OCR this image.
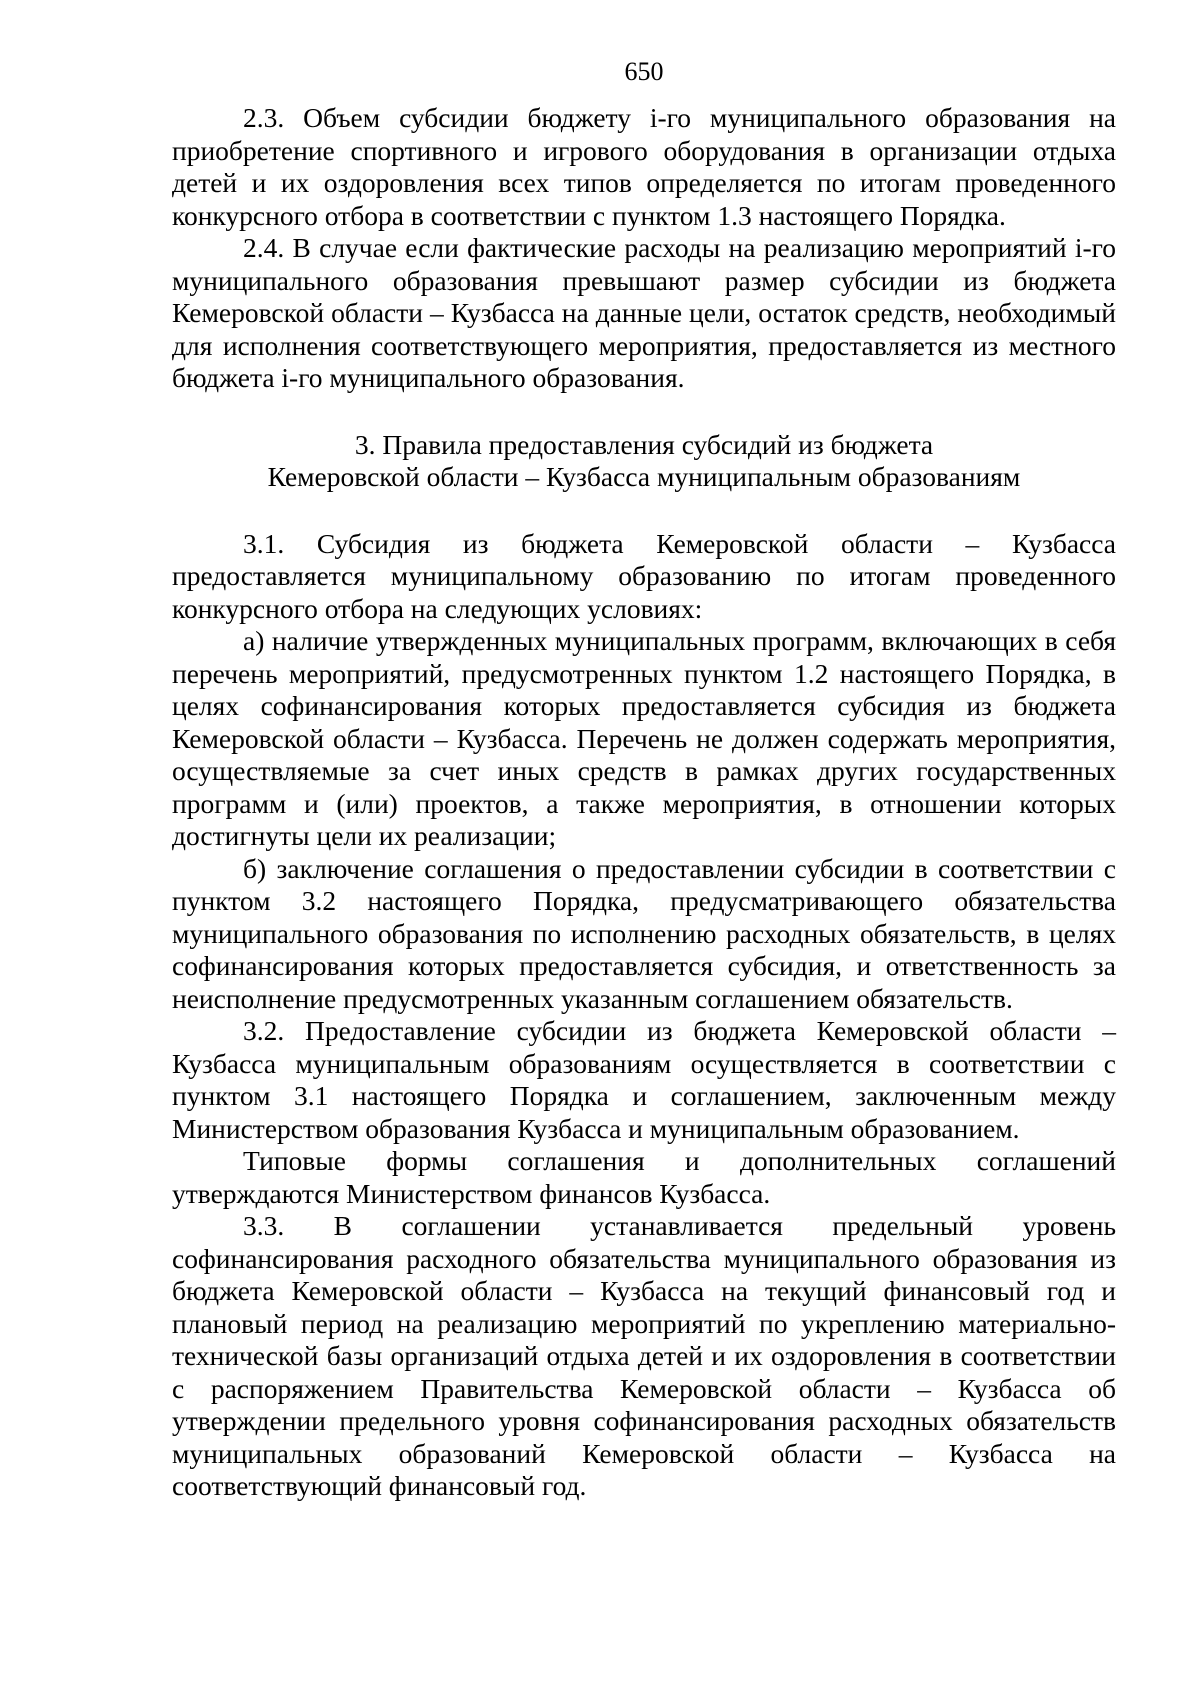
650

2.3. Объем субсидии бюджету i-го муниципального образования на приобретение спортивного и игрового оборудования в организации отдыха детей и их оздоровления всех типов определяется по итогам проведенного конкурсного отбора в соответствии с пунктом 1.3 настоящего Порядка.

2.4. В случае если фактические расходы на реализацию мероприятий i-го муниципального образования превышают размер субсидии из бюджета Кемеровской области – Кузбасса на данные цели, остаток средств, необходимый для исполнения соответствующего мероприятия, предоставляется из местного бюджета i-го муниципального образования.

3. Правила предоставления субсидий из бюджета
Кемеровской области – Кузбасса муниципальным образованиям

3.1. Субсидия из бюджета Кемеровской области – Кузбасса предоставляется муниципальному образованию по итогам проведенного конкурсного отбора на следующих условиях:

а) наличие утвержденных муниципальных программ, включающих в себя перечень мероприятий, предусмотренных пунктом 1.2 настоящего Порядка, в целях софинансирования которых предоставляется субсидия из бюджета Кемеровской области – Кузбасса. Перечень не должен содержать мероприятия, осуществляемые за счет иных средств в рамках других государственных программ и (или) проектов, а также мероприятия, в отношении которых достигнуты цели их реализации;

б) заключение соглашения о предоставлении субсидии в соответствии с пунктом 3.2 настоящего Порядка, предусматривающего обязательства муниципального образования по исполнению расходных обязательств, в целях софинансирования которых предоставляется субсидия, и ответственность за неисполнение предусмотренных указанным соглашением обязательств.

3.2. Предоставление субсидии из бюджета Кемеровской области – Кузбасса муниципальным образованиям осуществляется в соответствии с пунктом 3.1 настоящего Порядка и соглашением, заключенным между Министерством образования Кузбасса и муниципальным образованием.

Типовые формы соглашения и дополнительных соглашений утверждаются Министерством финансов Кузбасса.

3.3. В соглашении устанавливается предельный уровень софинансирования расходного обязательства муниципального образования из бюджета Кемеровской области – Кузбасса на текущий финансовый год и плановый период на реализацию мероприятий по укреплению материально-технической базы организаций отдыха детей и их оздоровления в соответствии с распоряжением Правительства Кемеровской области – Кузбасса об утверждении предельного уровня софинансирования расходных обязательств муниципальных образований Кемеровской области – Кузбасса на соответствующий финансовый год.
